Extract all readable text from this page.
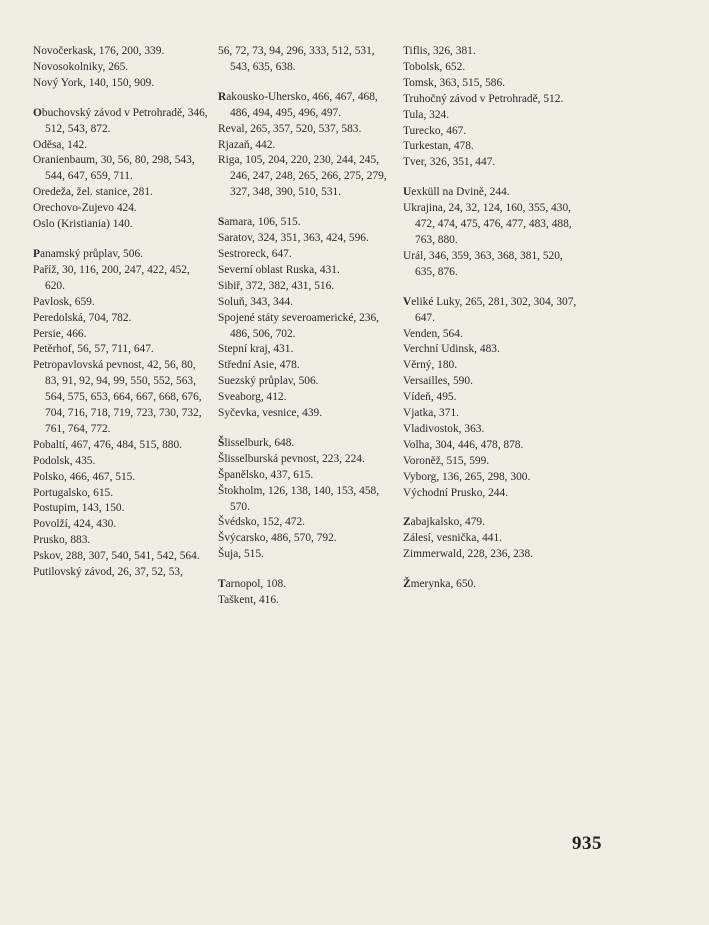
Novočerkask, 176, 200, 339.
Novosokolniky, 265.
Nový York, 140, 150, 909.
Obuchovský závod v Petrohradě, 346, 512, 543, 872.
Oděsa, 142.
Oranienbaum, 30, 56, 80, 298, 543, 544, 647, 659, 711.
Oredeža, žel. stanice, 281.
Orechovo-Zujevo 424.
Oslo (Kristiania) 140.
Panamský průplav, 506.
Paříž, 30, 116, 200, 247, 422, 452, 620.
Pavlosk, 659.
Peredolská, 704, 782.
Persie, 466.
Petěrhof, 56, 57, 711, 647.
Petropavlovská pevnost, 42, 56, 80, 83, 91, 92, 94, 99, 550, 552, 563, 564, 575, 653, 664, 667, 668, 676, 704, 716, 718, 719, 723, 730, 732, 761, 764, 772.
Pobaltí, 467, 476, 484, 515, 880.
Podolsk, 435.
Polsko, 466, 467, 515.
Portugalsko, 615.
Postupim, 143, 150.
Povolží, 424, 430.
Prusko, 883.
Pskov, 288, 307, 540, 541, 542, 564.
Putilovský závod, 26, 37, 52, 53,
56, 72, 73, 94, 296, 333, 512, 531, 543, 635, 638.
Rakousko-Uhersko, 466, 467, 468, 486, 494, 495, 496, 497.
Reval, 265, 357, 520, 537, 583.
Rjazaň, 442.
Riga, 105, 204, 220, 230, 244, 245, 246, 247, 248, 265, 266, 275, 279, 327, 348, 390, 510, 531.
Samara, 106, 515.
Saratov, 324, 351, 363, 424, 596.
Sestroreck, 647.
Severní oblast Ruska, 431.
Sibiř, 372, 382, 431, 516.
Soluň, 343, 344.
Spojené státy severoamerické, 236, 486, 506, 702.
Stepní kraj, 431.
Střední Asie, 478.
Suezský průplav, 506.
Sveaborg, 412.
Syčevka, vesnice, 439.
Šlisselburk, 648.
Šlisselburská pevnost, 223, 224.
Španělsko, 437, 615.
Štokholm, 126, 138, 140, 153, 458, 570.
Švédsko, 152, 472.
Švýcarsko, 486, 570, 792.
Šuja, 515.
Tarnopol, 108.
Taškent, 416.
Tiflis, 326, 381.
Tobolsk, 652.
Tomsk, 363, 515, 586.
Truhočný závod v Petrohradě, 512.
Tula, 324.
Turecko, 467.
Turkestan, 478.
Tver, 326, 351, 447.
Uexküll na Dvině, 244.
Ukrajina, 24, 32, 124, 160, 355, 430, 472, 474, 475, 476, 477, 483, 488, 763, 880.
Urál, 346, 359, 363, 368, 381, 520, 635, 876.
Veliké Luky, 265, 281, 302, 304, 307, 647.
Venden, 564.
Verchní Udinsk, 483.
Věrný, 180.
Versailles, 590.
Vídeň, 495.
Vjatka, 371.
Vladivostok, 363.
Volha, 304, 446, 478, 878.
Voroněž, 515, 599.
Vyborg, 136, 265, 298, 300.
Východní Prusko, 244.
Zabajkalsko, 479.
Zálesí, vesnička, 441.
Zimmerwald, 228, 236, 238.
Žmerynka, 650.
935
